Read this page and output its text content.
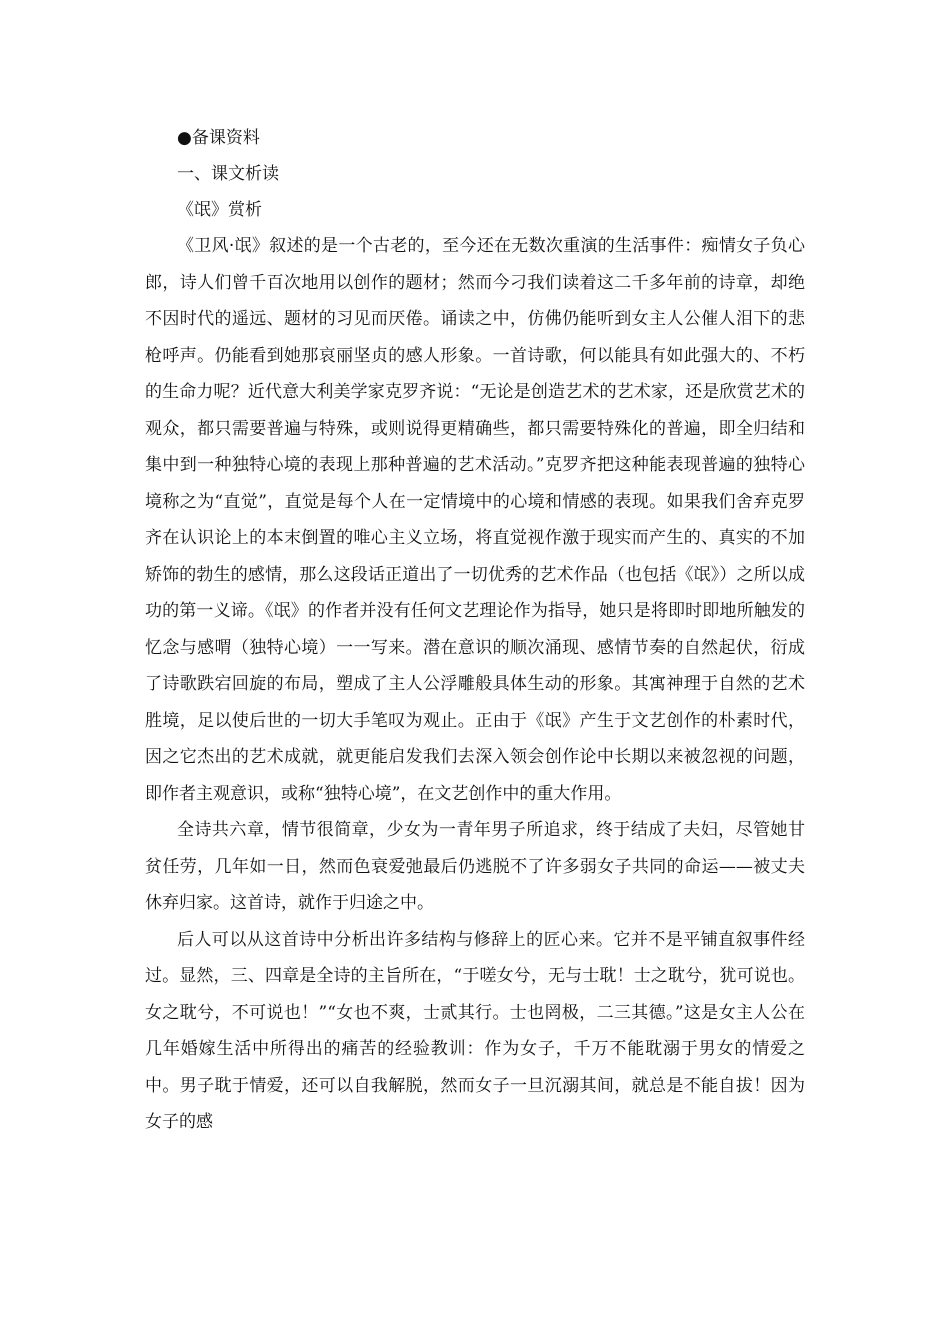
●备课资料
一、课文析读
《氓》赏析

《卫风·氓》叙述的是一个古老的，至今还在无数次重演的生活事件：痴情女子负心郎，诗人们曾千百次地用以创作的题材；然而今刁我们读着这二千多年前的诗章，却绝不因时代的遥远、题材的习见而厌倦。诵读之中，仿佛仍能听到女主人公催人泪下的悲枪呼声。仍能看到她那哀丽坚贞的感人形象。一首诗歌，何以能具有如此强大的、不朽的生命力呢？近代意大利美学家克罗齐说：“无论是创造艺术的艺术家，还是欣赏艺术的观众，都只需要普遍与特殊，或则说得更精确些，都只需要特殊化的普遍，即全归结和集中到一种独特心境的表现上那种普遍的艺术活动。”克罗齐把这种能表现普遍的独特心境称之为“直觉”，直觉是每个人在一定情境中的心境和情感的表现。如果我们舍弃克罗齐在认识论上的本末倒置的唯心主义立场，将直觉视作激于现实而产生的、真实的不加矫饰的勃生的感情，那么这段话正道出了一切优秀的艺术作品（也包括《氓》）之所以成功的第一义谛。《氓》的作者并没有任何文艺理论作为指导，她只是将即时即地所触发的忆念与感喟（独特心境）一一写来。潜在意识的顺次涌现、感情节奏的自然起伏，衍成了诗歌跌宕回旋的布局，塑成了主人公浮雕般具体生动的形象。其寓神理于自然的艺术胜境，足以使后世的一切大手笔叹为观止。正由于《氓》产生于文艺创作的朴素时代，因之它杰出的艺术成就，就更能启发我们去深入领会创作论中长期以来被忽视的问题，即作者主观意识，或称“独特心境”，在文艺创作中的重大作用。

全诗共六章，情节很简章，少女为一青年男子所追求，终于结成了夫妇，尽管她甘贫任劳，几年如一日，然而色衰爱弛最后仍逃脱不了许多弱女子共同的命运——被丈夫休弃归家。这首诗，就作于归途之中。

后人可以从这首诗中分析出许多结构与修辞上的匠心来。它并不是平铺直叙事件经过。显然，三、四章是全诗的主旨所在，“于嗟女兮，无与士耽！士之耽兮，犹可说也。女之耽兮，不可说也！”“女也不爽，士贰其行。士也罔极，二三其德。”这是女主人公在几年婚嫁生活中所得出的痛苦的经验教训：作为女子，千万不能耽溺于男女的情爱之中。男子耽于情爱，还可以自我解脱，然而女子一旦沉溺其间，就总是不能自拔！因为女子的感
